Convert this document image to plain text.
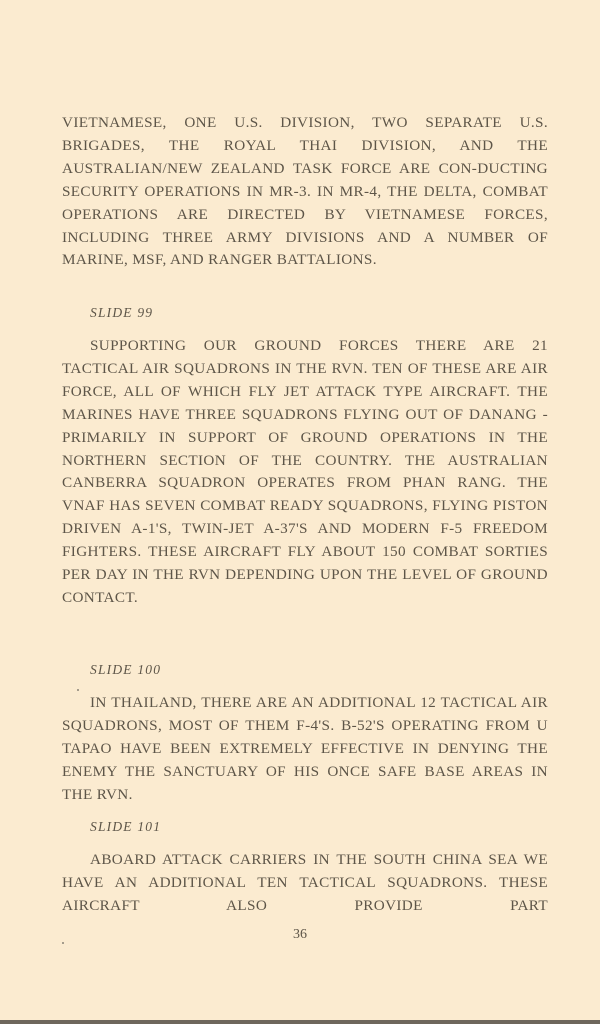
VIETNAMESE, ONE U.S. DIVISION, TWO SEPARATE U.S. BRIGADES, THE ROYAL THAI DIVISION, AND THE AUSTRALIAN/NEW ZEALAND TASK FORCE ARE CON-DUCTING SECURITY OPERATIONS IN MR-3. IN MR-4, THE DELTA, COMBAT OPERATIONS ARE DIRECTED BY VIETNAMESE FORCES, INCLUDING THREE ARMY DIVISIONS AND A NUMBER OF MARINE, MSF, AND RANGER BATTALIONS.

SLIDE 99

SUPPORTING OUR GROUND FORCES THERE ARE 21 TACTICAL AIR SQUADRONS IN THE RVN. TEN OF THESE ARE AIR FORCE, ALL OF WHICH FLY JET ATTACK TYPE AIRCRAFT. THE MARINES HAVE THREE SQUADRONS FLYING OUT OF DANANG - PRIMARILY IN SUPPORT OF GROUND OPERATIONS IN THE NORTHERN SECTION OF THE COUNTRY. THE AUSTRALIAN CANBERRA SQUADRON OPERATES FROM PHAN RANG. THE VNAF HAS SEVEN COMBAT READY SQUADRONS, FLYING PISTON DRIVEN A-1'S, TWIN-JET A-37'S AND MODERN F-5 FREEDOM FIGHTERS. THESE AIRCRAFT FLY ABOUT 150 COMBAT SORTIES PER DAY IN THE RVN DEPENDING UPON THE LEVEL OF GROUND CONTACT.

SLIDE 100

IN THAILAND, THERE ARE AN ADDITIONAL 12 TACTICAL AIR SQUADRONS, MOST OF THEM F-4'S. B-52'S OPERATING FROM U TAPAO HAVE BEEN EXTREMELY EFFECTIVE IN DENYING THE ENEMY THE SANCTUARY OF HIS ONCE SAFE BASE AREAS IN THE RVN.

SLIDE 101

ABOARD ATTACK CARRIERS IN THE SOUTH CHINA SEA WE HAVE AN ADDITIONAL TEN TACTICAL SQUADRONS. THESE AIRCRAFT ALSO PROVIDE PART

36
